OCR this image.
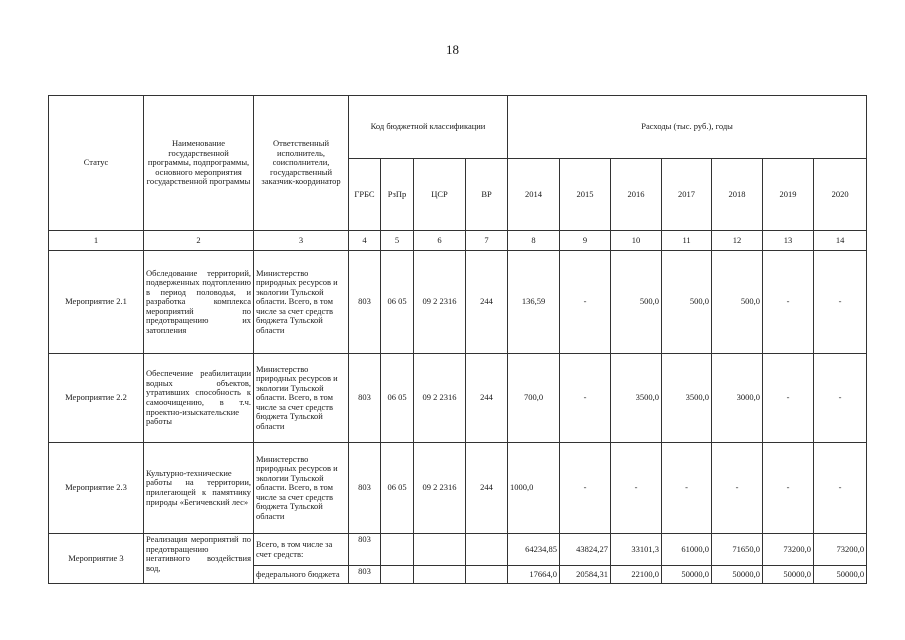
18
Статус	Наименование государственной программы, подпрограммы, основного мероприятия государственной программы	Ответственный исполнитель, соисполнители, государственный заказчик-координатор	Код бюджетной классификации				Расходы (тыс. руб.), годы						
			ГРБС	РзПр	ЦСР	ВР	2014	2015	2016	2017	2018	2019	2020
1	2	3	4	5	6	7	8	9	10	11	12	13	14
Мероприятие 2.1	Обследование территорий, подверженных подтоплению в период половодья, и разработка комплекса мероприятий по предотвращению их затопления	Министерство природных ресурсов и экологии Тульской области. Всего, в том числе за счет средств бюджета Тульской области	803	06 05	09 2 2316	244	136,59	-	500,0	500,0	500,0	-	-
Мероприятие 2.2	Обеспечение реабилитации водных объектов, утративших способность к самоочищению, в т.ч. проектно-изыскательские работы	Министерство природных ресурсов и экологии Тульской области. Всего, в том числе за счет средств бюджета Тульской области	803	06 05	09 2 2316	244	700,0	-	3500,0	3500,0	3000,0	-	-
Мероприятие 2.3	Культурно-технические работы на территории, прилегающей к памятнику природы «Бегичевский лес»	Министерство природных ресурсов и экологии Тульской области. Всего, в том числе за счет средств бюджета Тульской области	803	06 05	09 2 2316	244	1000,0	-	-	-	-	-	-
Мероприятие 3	Реализация мероприятий по предотвращению негативного воздействия вод,	Всего, в том числе за счет средств:	803				64234,85	43824,27	33101,3	61000,0	71650,0	73200,0	73200,0
		федерального бюджета	803				17664,0	20584,31	22100,0	50000,0	50000,0	50000,0	50000,0
